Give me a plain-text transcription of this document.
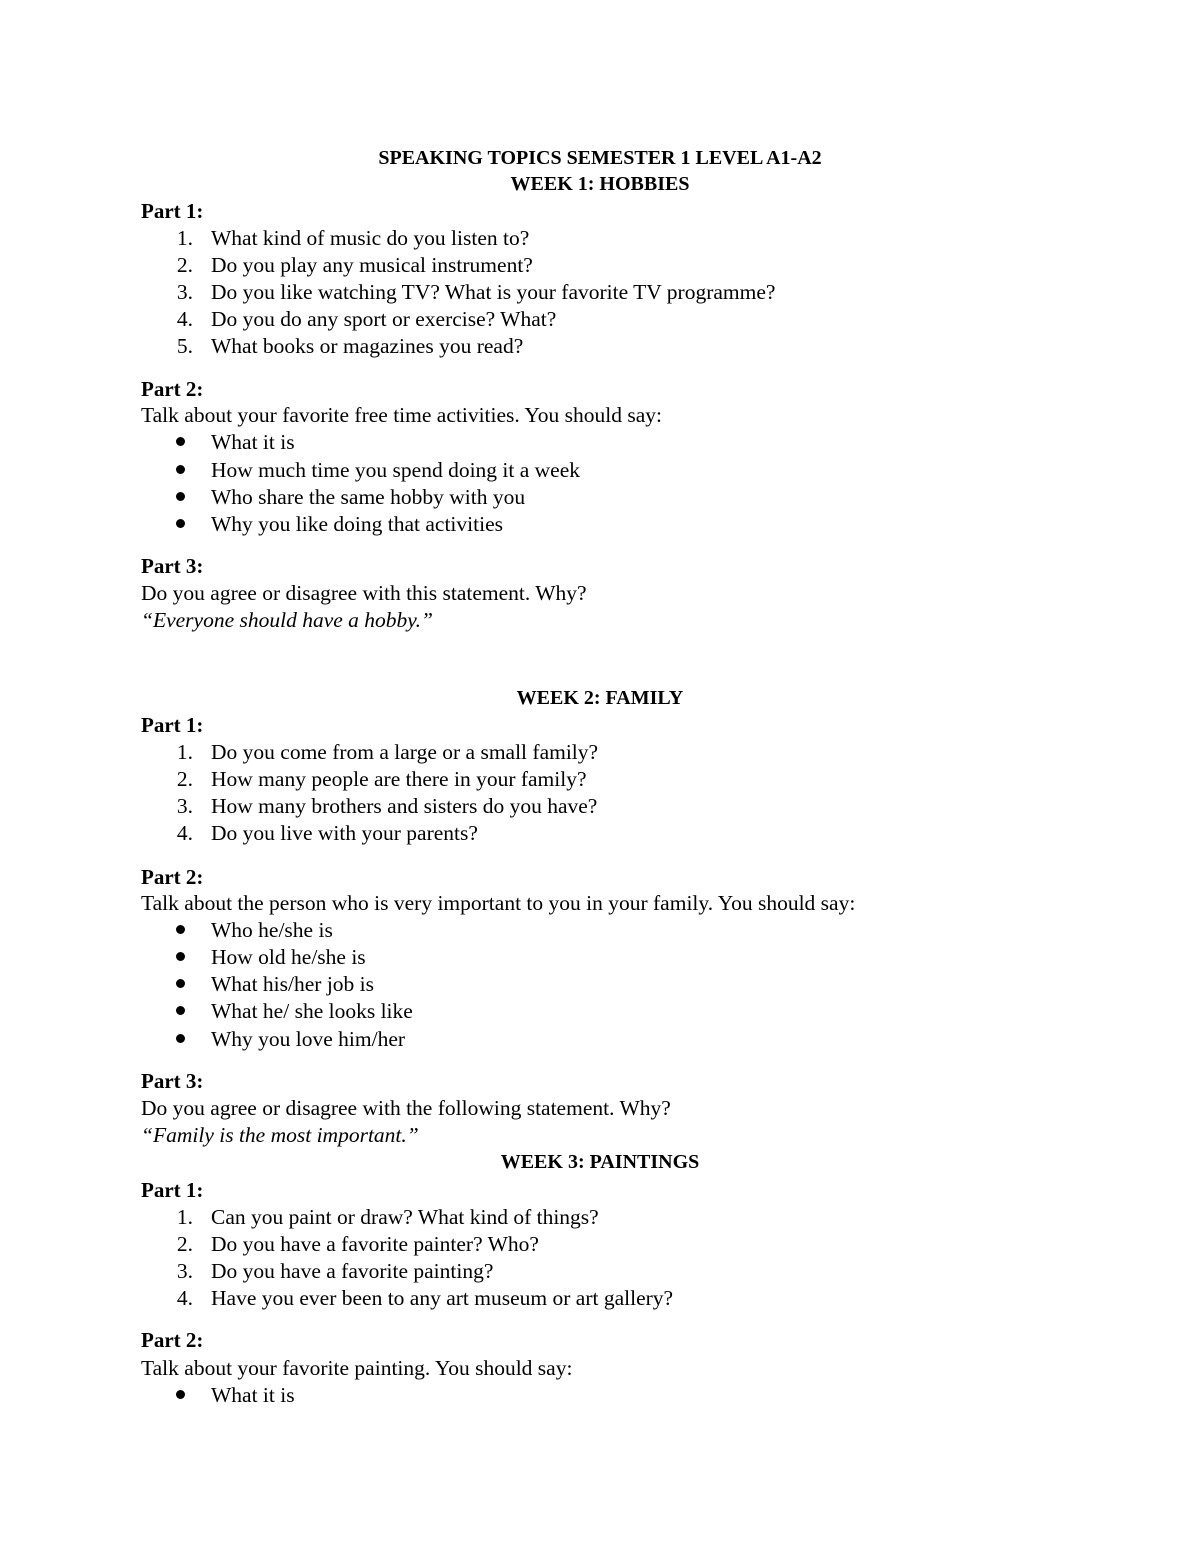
SPEAKING TOPICS SEMESTER 1 LEVEL A1-A2
WEEK 1: HOBBIES
Part 1:
1. What kind of music do you listen to?
2. Do you play any musical instrument?
3. Do you like watching TV? What is your favorite TV programme?
4. Do you do any sport or exercise? What?
5. What books or magazines you read?
Part 2:
Talk about your favorite free time activities. You should say:
What it is
How much time you spend doing it a week
Who share the same hobby with you
Why you like doing that activities
Part 3:
Do you agree or disagree with this statement. Why?
“Everyone should have a hobby.”
WEEK 2: FAMILY
Part 1:
1. Do you come from a large or a small family?
2. How many people are there in your family?
3. How many brothers and sisters do you have?
4. Do you live with your parents?
Part 2:
Talk about the person who is very important to you in your family. You should say:
Who he/she is
How old he/she is
What his/her job is
What he/ she looks like
Why you love him/her
Part 3:
Do you agree or disagree with the following statement. Why?
“Family is the most important.”
WEEK 3: PAINTINGS
Part 1:
1. Can you paint or draw? What kind of things?
2. Do you have a favorite painter? Who?
3. Do you have a favorite painting?
4. Have you ever been to any art museum or art gallery?
Part 2:
Talk about your favorite painting. You should say:
What it is
